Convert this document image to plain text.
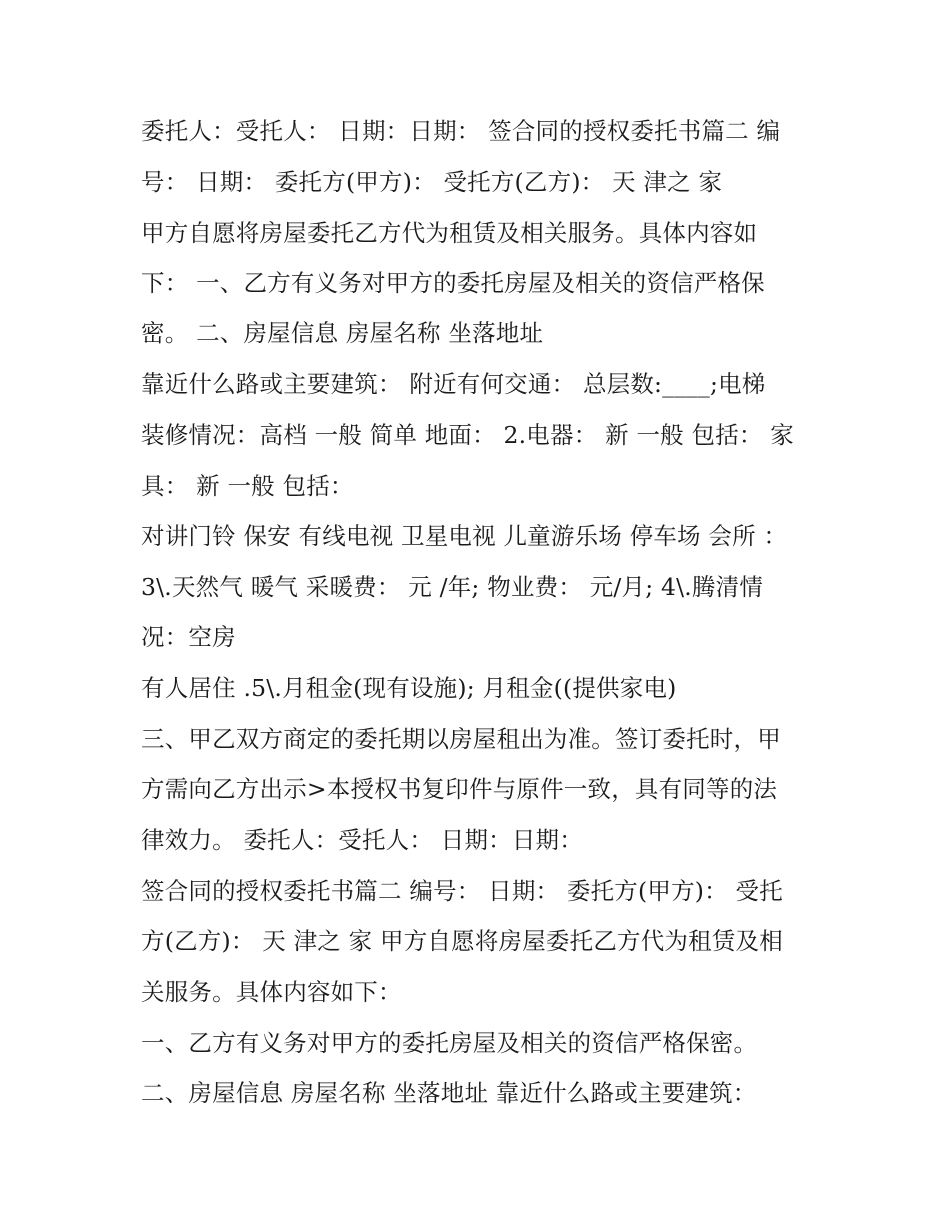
委托人：受托人： 日期：日期： 签合同的授权委托书篇二 编
号： 日期： 委托方(甲方)： 受托方(乙方)： 天 津之 家
甲方自愿将房屋委托乙方代为租赁及相关服务。具体内容如
下： 一、乙方有义务对甲方的委托房屋及相关的资信严格保
密。 二、房屋信息 房屋名称 坐落地址
靠近什么路或主要建筑： 附近有何交通： 总层数:____;电梯
装修情况：高档 一般 简单 地面： 2.电器： 新 一般 包括： 家
具： 新 一般 包括：
对讲门铃 保安 有线电视 卫星电视 儿童游乐场 停车场 会所 ：
3\.天然气 暖气 采暖费： 元 /年; 物业费： 元/月; 4\.腾清情
况：空房
有人居住 .5\.月租金(现有设施); 月租金((提供家电)
三、甲乙双方商定的委托期以房屋租出为准。签订委托时，甲
方需向乙方出示>本授权书复印件与原件一致，具有同等的法
律效力。 委托人：受托人： 日期：日期：
签合同的授权委托书篇二 编号： 日期： 委托方(甲方)： 受托
方(乙方)： 天 津之 家 甲方自愿将房屋委托乙方代为租赁及相
关服务。具体内容如下：
一、乙方有义务对甲方的委托房屋及相关的资信严格保密。
二、房屋信息 房屋名称 坐落地址 靠近什么路或主要建筑：
